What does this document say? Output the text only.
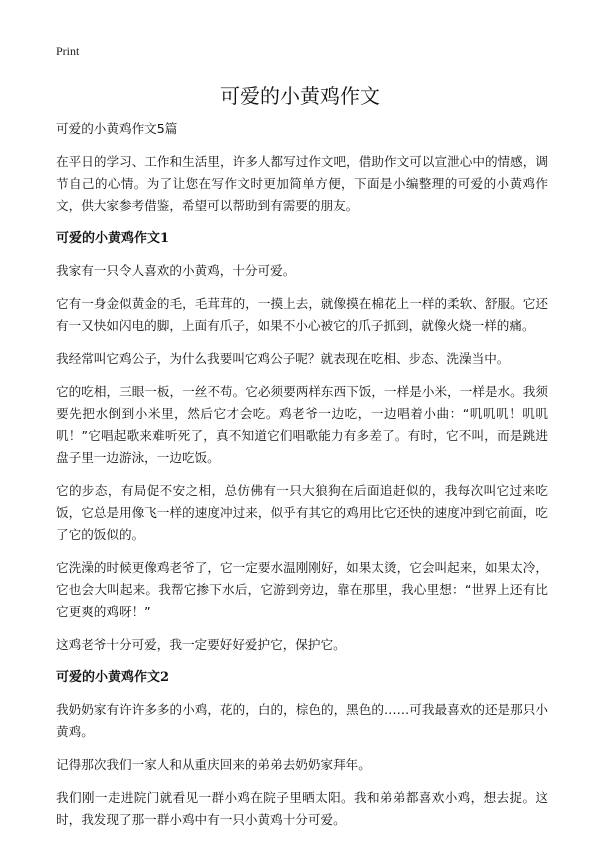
Print
可爱的小黄鸡作文

可爱的小黄鸡作文5篇

在平日的学习、工作和生活里，许多人都写过作文吧，借助作文可以宣泄心中的情感，调节自己的心情。为了让您在写作文时更加简单方便，下面是小编整理的可爱的小黄鸡作文，供大家参考借鉴，希望可以帮助到有需要的朋友。

可爱的小黄鸡作文1

我家有一只令人喜欢的小黄鸡，十分可爱。

它有一身金似黄金的毛，毛茸茸的，一摸上去，就像摸在棉花上一样的柔软、舒服。它还有一又快如闪电的脚，上面有爪子，如果不小心被它的爪子抓到，就像火烧一样的痛。

我经常叫它鸡公子，为什么我要叫它鸡公子呢？就表现在吃相、步态、洗澡当中。

它的吃相，三眼一板，一丝不苟。它必须要两样东西下饭，一样是小米，一样是水。我须要先把水倒到小米里，然后它才会吃。鸡老爷一边吃，一边唱着小曲：“叽叽叽！叽叽叽！”它唱起歌来难听死了，真不知道它们唱歌能力有多差了。有时，它不叫，而是跳进盘子里一边游泳，一边吃饭。

它的步态，有局促不安之相，总仿佛有一只大狼狗在后面追赶似的，我每次叫它过来吃饭，它总是用像飞一样的速度冲过来，似乎有其它的鸡用比它还快的速度冲到它前面，吃了它的饭似的。

它洗澡的时候更像鸡老爷了，它一定要水温刚刚好，如果太烫，它会叫起来，如果太冷，它也会大叫起来。我帮它掺下水后，它游到旁边，靠在那里，我心里想：“世界上还有比它更爽的鸡呀！”

这鸡老爷十分可爱，我一定要好好爱护它，保护它。

可爱的小黄鸡作文2

我奶奶家有许许多多的小鸡，花的，白的，棕色的，黑色的……可我最喜欢的还是那只小黄鸡。

记得那次我们一家人和从重庆回来的弟弟去奶奶家拜年。

我们刚一走进院门就看见一群小鸡在院子里晒太阳。我和弟弟都喜欢小鸡，想去捉。这时，我发现了那一群小鸡中有一只小黄鸡十分可爱。
